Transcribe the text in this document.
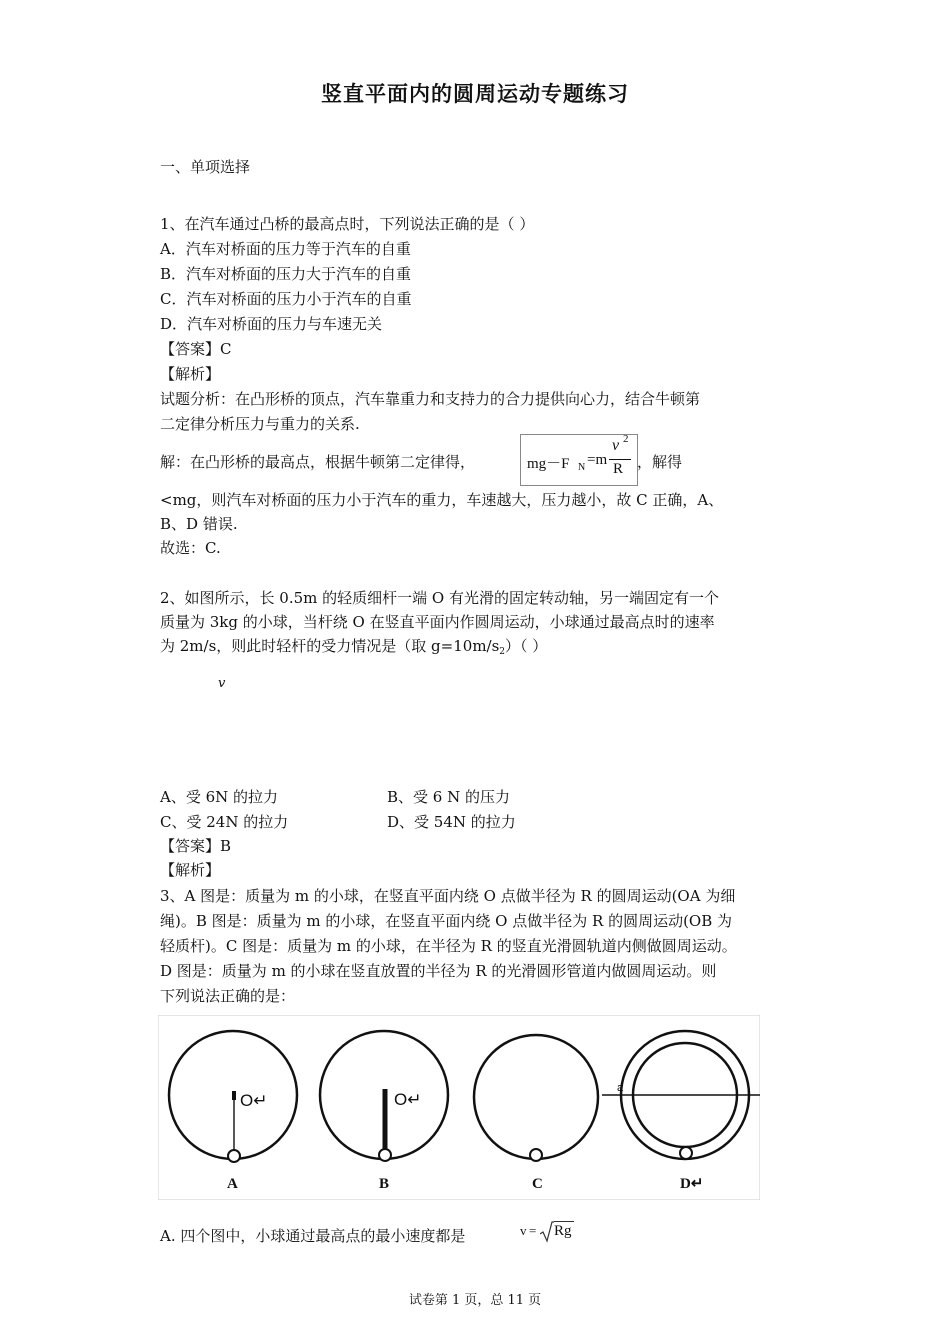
竖直平面内的圆周运动专题练习
一、单项选择
1、在汽车通过凸桥的最高点时，下列说法正确的是（ ）
A．汽车对桥面的压力等于汽车的自重
B．汽车对桥面的压力大于汽车的自重
C．汽车对桥面的压力小于汽车的自重
D．汽车对桥面的压力与车速无关
【答案】C
【解析】
试题分析：在凸形桥的顶点，汽车靠重力和支持力的合力提供向心力，结合牛顿第
二定律分析压力与重力的关系.
解：在凸形桥的最高点，根据牛顿第二定律得，	mg－F N =m
v 2
R ，解得
<mg，则汽车对桥面的压力小于汽车的重力，车速越大，压力越小，故 C 正确，A、
B、D 错误.
故选：C.
2、如图所示，长 0.5m 的轻质细杆一端 O 有光滑的固定转动轴，另一端固定有一个
质量为 3kg 的小球，当杆绕 O 在竖直平面内作圆周运动，小球通过最高点时的速率
为 2m/s，则此时轻杆的受力情况是（取 $g=10m/s_2$）（ ）
v
A、受 6N 的拉力	B、受 6 N 的压力
C、受 24N 的拉力	D、受 54N 的拉力
【答案】B
【解析】
3、A 图是：质量为 m 的小球，在竖直平面内绕 O 点做半径为 R 的圆周运动(OA 为细
绳)。B 图是：质量为 m 的小球，在竖直平面内绕 O 点做半径为 R 的圆周运动(OB 为
轻质杆)。C 图是：质量为 m 的小球，在半径为 R 的竖直光滑圆轨道内侧做圆周运动。
D 图是：质量为 m 的小球在竖直放置的半径为 R 的光滑圆形管道内做圆周运动。则
下列说法正确的是：
O↵
A
O↵
B	C
a
D↵
A. 四个图中，小球通过最高点的最小速度都是	v = Rg
试卷第 1 页，总 11 页
